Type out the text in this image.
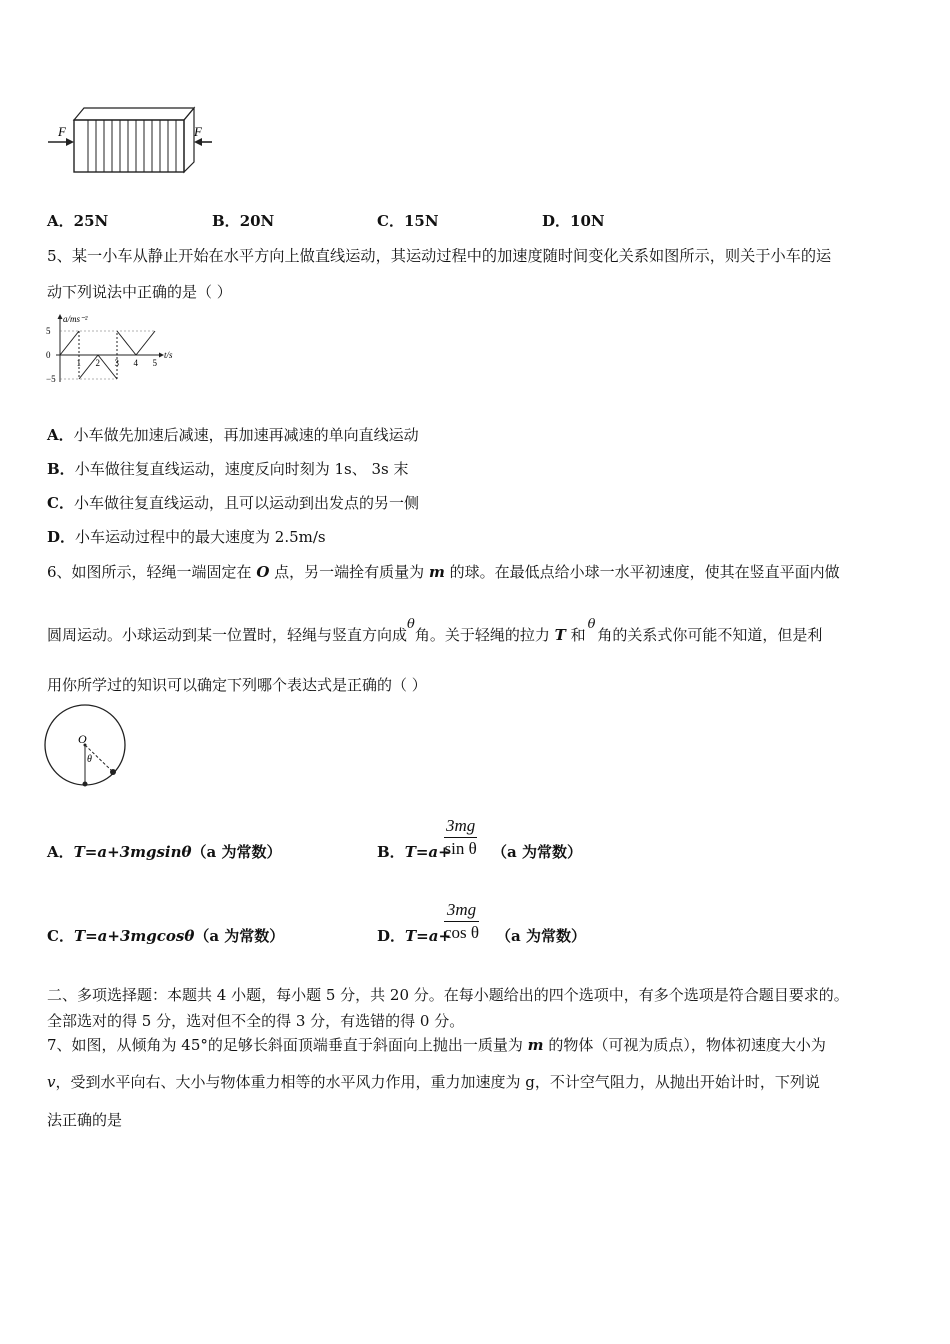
F	F
A．25N	B．20N	C．15N	D．10N
5、某一小车从静止开始在水平方向上做直线运动，其运动过程中的加速度随时间变化关系如图所示，则关于小车的运
动下列说法中正确的是（ ）
a/ms⁻²
t/s
5
0
−5
1 2 3 4 5
A．小车做先加速后减速，再加速再减速的单向直线运动
B．小车做往复直线运动，速度反向时刻为 1s、 3s 末
C．小车做往复直线运动，且可以运动到出发点的另一侧
D．小车运动过程中的最大速度为 2.5m/s
6、如图所示，轻绳一端固定在 O 点，另一端拴有质量为 m 的球。在最低点给小球一水平初速度，使其在竖直平面内做
圆周运动。小球运动到某一位置时，轻绳与竖直方向成θ角。关于轻绳的拉力 T 和θ角的关系式你可能不知道，但是利
用你所学过的知识可以确定下列哪个表达式是正确的（ ）
O
θ
A．T=a+3mgsinθ（a 为常数）	B．T=a+
$\frac{3mg}{\text{sin θ}} (a$ 为常数）
C．T=a+3mgcosθ（a 为常数）	D．T=a+
$\frac{3mg}{\text{cos θ}} (a$ 为常数）
二、多项选择题：本题共 4 小题，每小题 5 分，共 20 分。在每小题给出的四个选项中，有多个选项是符合题目要求的。
全部选对的得 5 分，选对但不全的得 3 分，有选错的得 0 分。
7、如图，从倾角为 45°的足够长斜面顶端垂直于斜面向上抛出一质量为 m 的物体（可视为质点），物体初速度大小为
v，受到水平向右、大小与物体重力相等的水平风力作用，重力加速度为 g，不计空气阻力，从抛出开始计时，下列说
法正确的是
